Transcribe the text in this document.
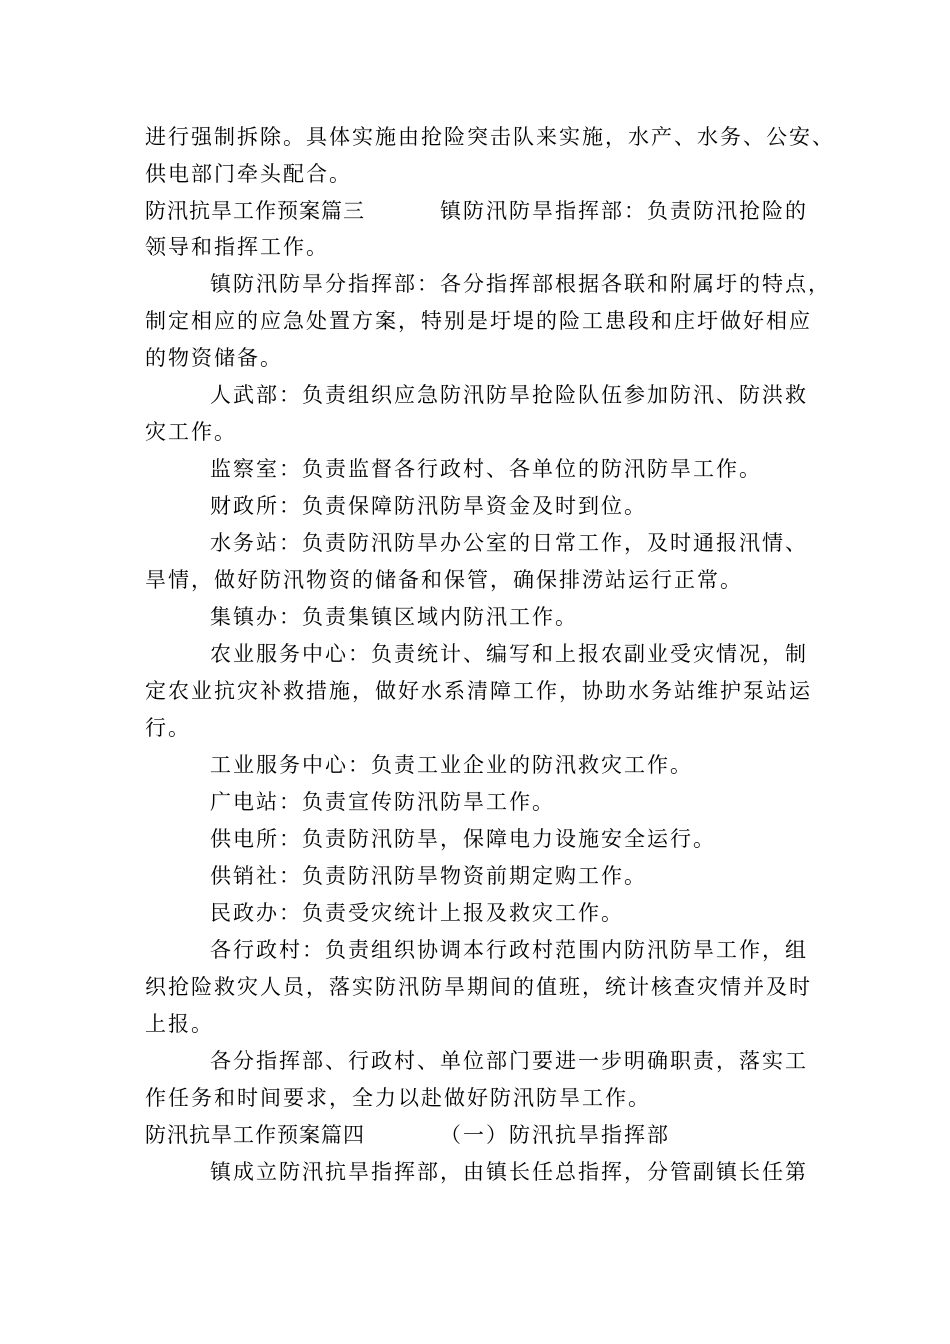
进行强制拆除。具体实施由抢险突击队来实施，水产、水务、公安、
供电部门牵头配合。
防汛抗旱工作预案篇三	镇防汛防旱指挥部：负责防汛抢险的
领导和指挥工作。
镇防汛防旱分指挥部：各分指挥部根据各联和附属圩的特点，
制定相应的应急处置方案，特别是圩堤的险工患段和庄圩做好相应
的物资储备。
人武部：负责组织应急防汛防旱抢险队伍参加防汛、防洪救
灾工作。
监察室：负责监督各行政村、各单位的防汛防旱工作。
财政所：负责保障防汛防旱资金及时到位。
水务站：负责防汛防旱办公室的日常工作，及时通报汛情、
旱情，做好防汛物资的储备和保管，确保排涝站运行正常。
集镇办：负责集镇区域内防汛工作。
农业服务中心：负责统计、编写和上报农副业受灾情况，制
定农业抗灾补救措施，做好水系清障工作，协助水务站维护泵站运
行。
工业服务中心：负责工业企业的防汛救灾工作。
广电站：负责宣传防汛防旱工作。
供电所：负责防汛防旱，保障电力设施安全运行。
供销社：负责防汛防旱物资前期定购工作。
民政办：负责受灾统计上报及救灾工作。
各行政村：负责组织协调本行政村范围内防汛防旱工作，组
织抢险救灾人员，落实防汛防旱期间的值班，统计核查灾情并及时
上报。
各分指挥部、行政村、单位部门要进一步明确职责，落实工
作任务和时间要求，全力以赴做好防汛防旱工作。
防汛抗旱工作预案篇四	（一）防汛抗旱指挥部
镇成立防汛抗旱指挥部，由镇长任总指挥，分管副镇长任第
